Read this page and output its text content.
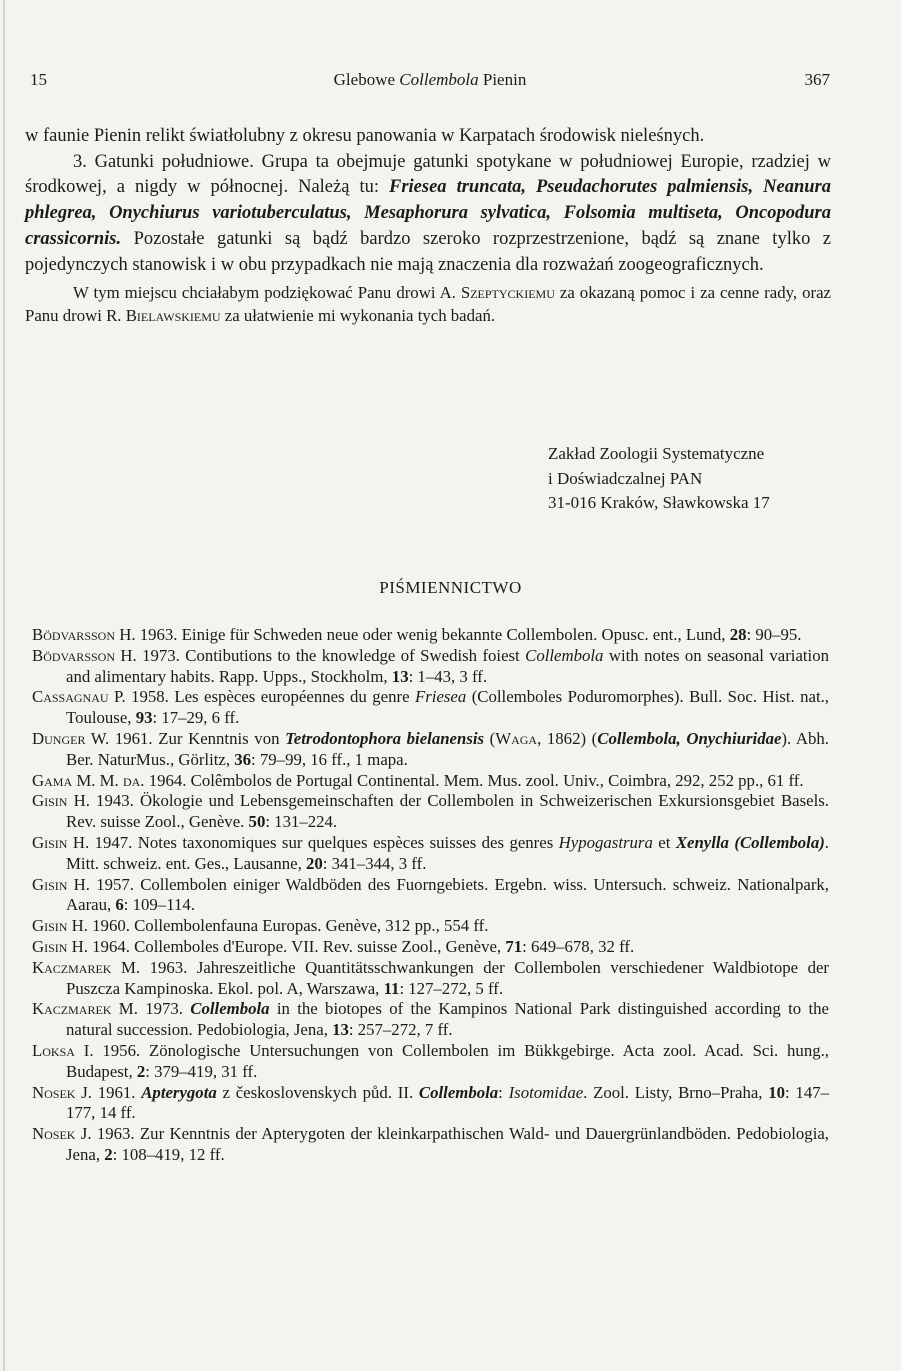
15	Glebowe Collembola Pienin	367

w faunie Pienin relikt światłolubny z okresu panowania w Karpatach środowisk nieleśnych.

3. Gatunki południowe. Grupa ta obejmuje gatunki spotykane w południowej Europie, rzadziej w środkowej, a nigdy w północnej. Należą tu: Friesea truncata, Pseudachorutes palmiensis, Neanura phlegrea, Onychiurus variotuberculatus, Mesaphorura sylvatica, Folsomia multiseta, Oncopodura crassicornis. Pozostałe gatunki są bądź bardzo szeroko rozprzestrzenione, bądź są znane tylko z pojedynczych stanowisk i w obu przypadkach nie mają znaczenia dla rozważań zoogeograficznych.

W tym miejscu chciałabym podziękować Panu drowi A. Szeptyckiemu za okazaną pomoc i za cenne rady, oraz Panu drowi R. Bielawskiemu za ułatwienie mi wykonania tych badań.

Zakład Zoologii Systematyczne
i Doświadczalnej PAN
31-016 Kraków, Sławkowska 17
PIŚMIENNICTWO

Bödvarsson H. 1963. Einige für Schweden neue oder wenig bekannte Collembolen. Opusc. ent., Lund, 28: 90–95.

Bödvarsson H. 1973. Contibutions to the knowledge of Swedish foiest Collembola with notes on seasonal variation and alimentary habits. Rapp. Upps., Stockholm, 13: 1–43, 3 ff.

Cassagnau P. 1958. Les espèces européennes du genre Friesea (Collemboles Poduromorphes). Bull. Soc. Hist. nat., Toulouse, 93: 17–29, 6 ff.

Dunger W. 1961. Zur Kenntnis von Tetrodontophora bielanensis (Waga, 1862) (Collembola, Onychiuridae). Abh. Ber. NaturMus., Görlitz, 36: 79–99, 16 ff., 1 mapa.

Gama M. M. da. 1964. Colêmbolos de Portugal Continental. Mem. Mus. zool. Univ., Coimbra, 292, 252 pp., 61 ff.

Gisin H. 1943. Ökologie und Lebensgemeinschaften der Collembolen in Schweizerischen Exkursionsgebiet Basels. Rev. suisse Zool., Genève. 50: 131–224.

Gisin H. 1947. Notes taxonomiques sur quelques espèces suisses des genres Hypogastrura et Xenylla (Collembola). Mitt. schweiz. ent. Ges., Lausanne, 20: 341–344, 3 ff.

Gisin H. 1957. Collembolen einiger Waldböden des Fuorngebiets. Ergebn. wiss. Untersuch. schweiz. Nationalpark, Aarau, 6: 109–114.

Gisin H. 1960. Collembolenfauna Europas. Genève, 312 pp., 554 ff.

Gisin H. 1964. Collemboles d'Europe. VII. Rev. suisse Zool., Genève, 71: 649–678, 32 ff.

Kaczmarek M. 1963. Jahreszeitliche Quantitätsschwankungen der Collembolen verschiedener Waldbiotope der Puszcza Kampinoska. Ekol. pol. A, Warszawa, 11: 127–272, 5 ff.

Kaczmarek M. 1973. Collembola in the biotopes of the Kampinos National Park distinguished according to the natural succession. Pedobiologia, Jena, 13: 257–272, 7 ff.

Loksa I. 1956. Zönologische Untersuchungen von Collembolen im Bükkgebirge. Acta zool. Acad. Sci. hung., Budapest, 2: 379–419, 31 ff.

Nosek J. 1961. Apterygota z československych půd. II. Collembola: Isotomidae. Zool. Listy, Brno–Praha, 10: 147–177, 14 ff.

Nosek J. 1963. Zur Kenntnis der Apterygoten der kleinkarpathischen Wald- und Dauergrünlandböden. Pedobiologia, Jena, 2: 108–419, 12 ff.
